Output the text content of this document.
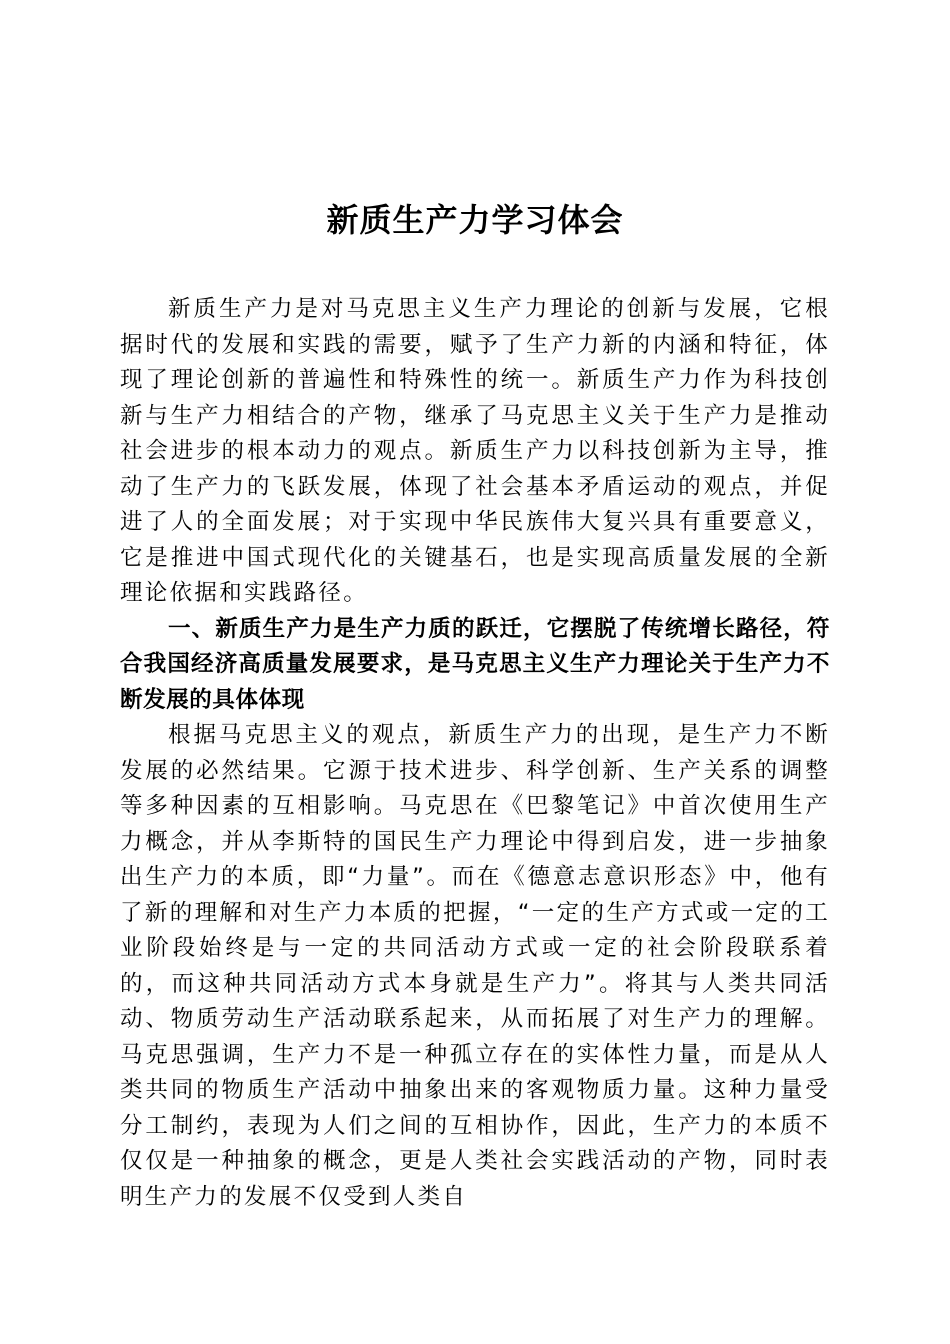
新质生产力学习体会

新质生产力是对马克思主义生产力理论的创新与发展，它根据时代的发展和实践的需要，赋予了生产力新的内涵和特征，体现了理论创新的普遍性和特殊性的统一。新质生产力作为科技创新与生产力相结合的产物，继承了马克思主义关于生产力是推动社会进步的根本动力的观点。新质生产力以科技创新为主导，推动了生产力的飞跃发展，体现了社会基本矛盾运动的观点，并促进了人的全面发展；对于实现中华民族伟大复兴具有重要意义，它是推进中国式现代化的关键基石，也是实现高质量发展的全新理论依据和实践路径。

一、新质生产力是生产力质的跃迁，它摆脱了传统增长路径，符合我国经济高质量发展要求，是马克思主义生产力理论关于生产力不断发展的具体体现

根据马克思主义的观点，新质生产力的出现，是生产力不断发展的必然结果。它源于技术进步、科学创新、生产关系的调整等多种因素的互相影响。马克思在《巴黎笔记》中首次使用生产力概念，并从李斯特的国民生产力理论中得到启发，进一步抽象出生产力的本质，即“力量”。而在《德意志意识形态》中，他有了新的理解和对生产力本质的把握，“一定的生产方式或一定的工业阶段始终是与一定的共同活动方式或一定的社会阶段联系着的，而这种共同活动方式本身就是生产力”。将其与人类共同活动、物质劳动生产活动联系起来，从而拓展了对生产力的理解。马克思强调，生产力不是一种孤立存在的实体性力量，而是从人类共同的物质生产活动中抽象出来的客观物质力量。这种力量受分工制约，表现为人们之间的互相协作，因此，生产力的本质不仅仅是一种抽象的概念，更是人类社会实践活动的产物，同时表明生产力的发展不仅受到人类自
